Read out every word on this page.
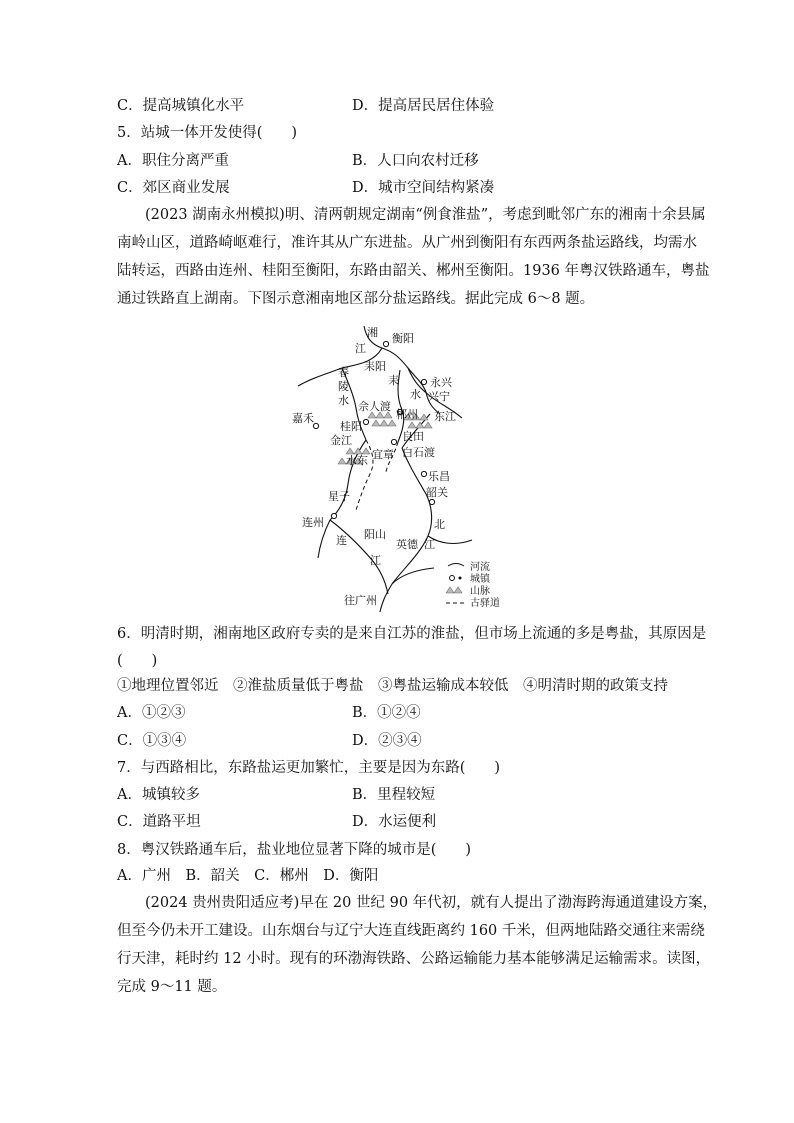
C．提高城镇化水平	D．提高居民居住体验
5．站城一体开发使得(　　)
A．职住分离严重	B．人口向农村迁移
C．郊区商业发展	D．城市空间结构紧凑
(2023 湖南永州模拟)明、清两朝规定湖南“例食淮盐”，考虑到毗邻广东的湘南十余县属
南岭山区，道路崎岖难行，准许其从广东进盐。从广州到衡阳有东西两条盐运路线，均需水
陆转运，西路由连州、桂阳至衡阳，东路由韶关、郴州至衡阳。1936 年粤汉铁路通车，粤盐
通过铁路直上湖南。下图示意湘南地区部分盐运路线。据此完成 6～8 题。
湘
江
衡阳
春
陵
水
耒阳
耒
水
永兴
兴宁
东江
佘人渡
郴州
嘉禾
桂阳
金江	良田
宜章 白石渡
水东
乐昌
星子	韶关
北
连州
连 阳山
英德 江
江
往广州
河流
城镇
山脉
古驿道
6．明清时期，湘南地区政府专卖的是来自江苏的淮盐，但市场上流通的多是粤盐，其原因是
(　　)
①地理位置邻近　②淮盐质量低于粤盐　③粤盐运输成本较低　④明清时期的政策支持
A．①②③	B．①②④
C．①③④	D．②③④
7．与西路相比，东路盐运更加繁忙，主要是因为东路(　　)
A．城镇较多	B．里程较短
C．道路平坦	D．水运便利
8．粤汉铁路通车后，盐业地位显著下降的城市是(　　)
A．广州　B．韶关　C．郴州　D．衡阳
(2024 贵州贵阳适应考)早在 20 世纪 90 年代初，就有人提出了渤海跨海通道建设方案，
但至今仍未开工建设。山东烟台与辽宁大连直线距离约 160 千米，但两地陆路交通往来需绕
行天津，耗时约 12 小时。现有的环渤海铁路、公路运输能力基本能够满足运输需求。读图，
完成 9～11 题。
